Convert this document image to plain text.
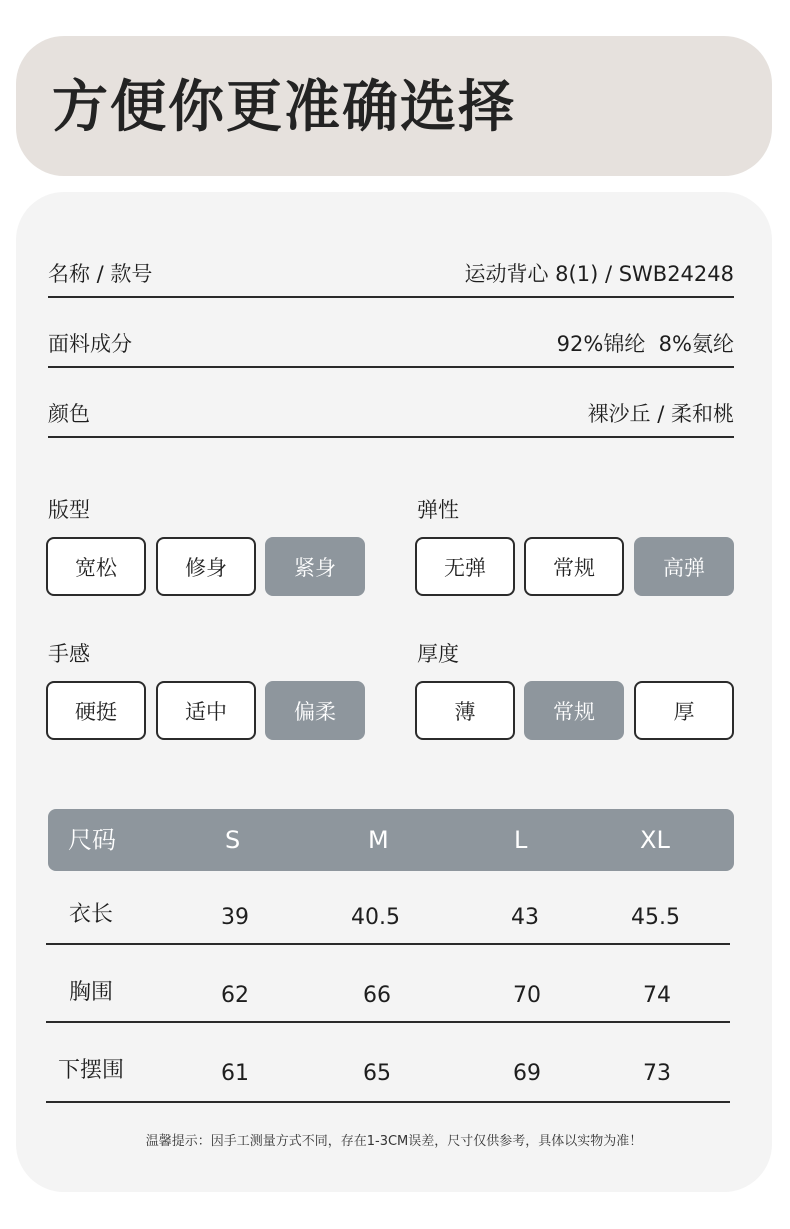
方便你更准确选择
名称 / 款号	运动背心 8(1) / SWB24248
面料成分	92%锦纶  8%氨纶
颜色	裸沙丘 / 柔和桃
版型
宽松	修身	紧身
弹性
无弹	常规	高弹
手感
硬挺	适中	偏柔
厚度
薄	常规	厚
尺码	S	M	L	XL
衣长	39	40.5	43	45.5
胸围	62	66	70	74
下摆围	61	65	69	73
温馨提示：因手工测量方式不同，存在1-3CM误差，尺寸仅供参考，具体以实物为准！
